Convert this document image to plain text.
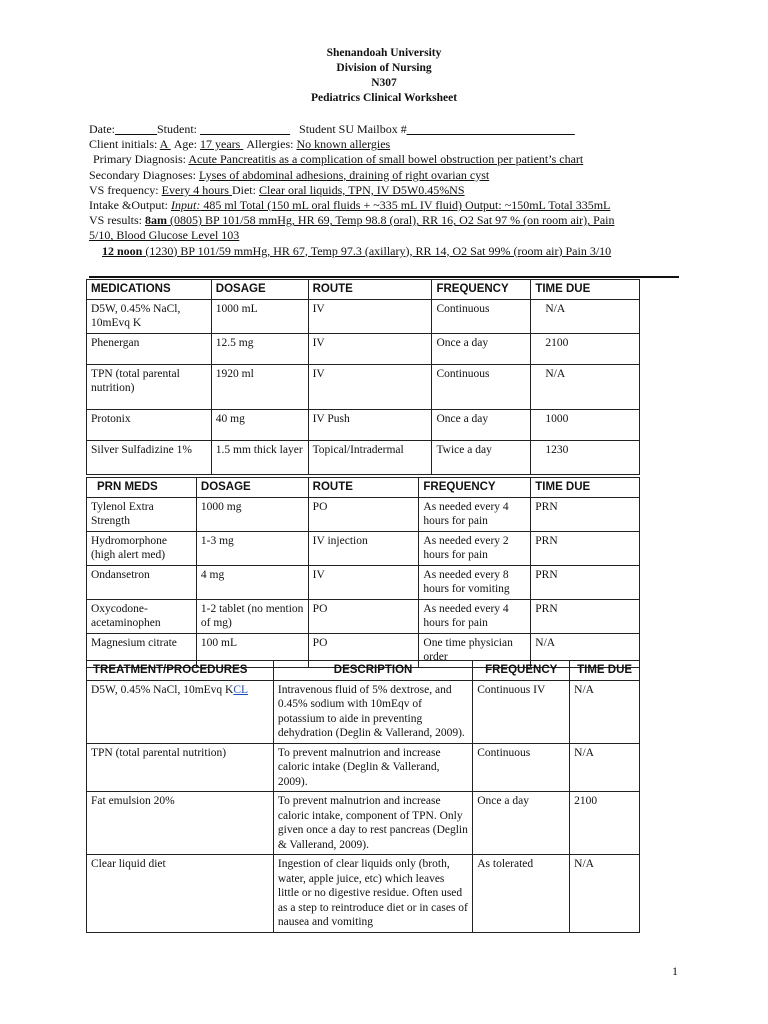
Shenandoah University
Division of Nursing
N307
Pediatrics Clinical Worksheet
Date:_______Student: _______________ Student SU Mailbox #____________________________
Client initials: A  Age: 17 years  Allergies: No known allergies
Primary Diagnosis: Acute Pancreatitis as a complication of small bowel obstruction per patient’s chart
Secondary Diagnoses: Lyses of abdominal adhesions, draining of right ovarian cyst
VS frequency: Every 4 hours Diet: Clear oral liquids, TPN, IV D5W0.45%NS
Intake &Output: Input: 485 ml Total (150 mL oral fluids + ~335 mL IV fluid) Output: ~150mL Total 335mL
VS results: 8am (0805) BP 101/58 mmHg, HR 69, Temp 98.8 (oral), RR 16, O2 Sat 97 % (on room air), Pain
5/10, Blood Glucose Level 103
12 noon (1230) BP 101/59 mmHg, HR 67, Temp 97.3 (axillary), RR 14, O2 Sat 99% (room air) Pain 3/10
MEDICATIONS	DOSAGE	ROUTE	FREQUENCY	TIME DUE
D5W, 0.45% NaCl, 10mEvq K	1000 mL	IV	Continuous	N/A
Phenergan	12.5 mg	IV	Once a day	2100
TPN (total parental nutrition)	1920 ml	IV	Continuous	N/A
Protonix	40 mg	IV Push	Once a day	1000
Silver Sulfadizine 1%	1.5 mm thick layer	Topical/Intradermal	Twice a day	1230
PRN MEDS	DOSAGE	ROUTE	FREQUENCY	TIME DUE
Tylenol Extra Strength	1000 mg	PO	As needed every 4 hours for pain	PRN
Hydromorphone (high alert med)	1-3 mg	IV injection	As needed every 2 hours for pain	PRN
Ondansetron	4 mg	IV	As needed every 8 hours for vomiting	PRN
Oxycodone-acetaminophen	1-2 tablet (no mention of mg)	PO	As needed every 4 hours for pain	PRN
Magnesium citrate	100 mL	PO	One time physician order	N/A
TREATMENT/PROCEDURES	DESCRIPTION	FREQUENCY	TIME DUE
D5W, 0.45% NaCl, 10mEvq KCL	Intravenous fluid of 5% dextrose, and 0.45% sodium with 10mEqv of potassium to aide in preventing dehydration (Deglin & Vallerand, 2009).	Continuous IV	N/A
TPN (total parental nutrition)	To prevent malnutrion and increase caloric intake (Deglin & Vallerand, 2009).	Continuous	N/A
Fat emulsion 20%	To prevent malnutrion and increase caloric intake, component of TPN. Only given once a day to rest pancreas (Deglin & Vallerand, 2009).	Once a day	2100
Clear liquid diet	Ingestion of clear liquids only (broth, water, apple juice, etc) which leaves little or no digestive residue. Often used as a step to reintroduce diet or in cases of nausea and vomiting	As tolerated	N/A
1
